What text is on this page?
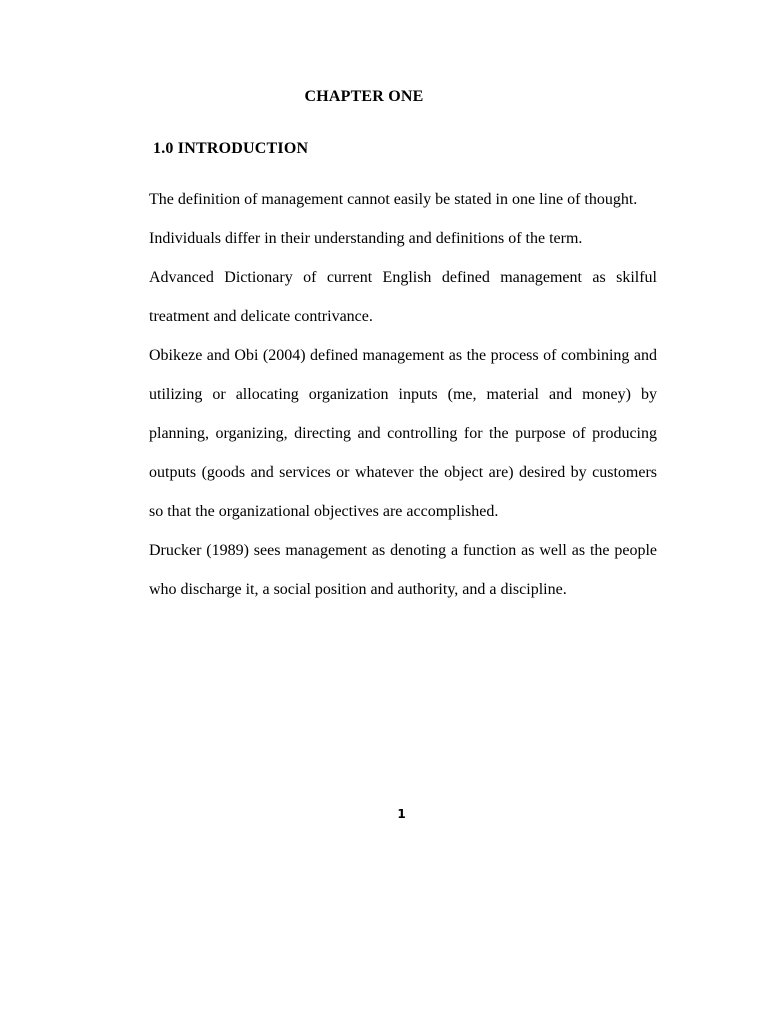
CHAPTER ONE
1.0 INTRODUCTION

The definition of management cannot easily be stated in one line of thought.

Individuals differ in their understanding and definitions of the term.

Advanced Dictionary of current English defined management as skilful treatment and delicate contrivance.

Obikeze and Obi (2004) defined management as the process of combining and utilizing or allocating organization inputs (me, material and money) by planning, organizing, directing and controlling for the purpose of producing outputs (goods and services or whatever the object are) desired by customers so that the organizational objectives are accomplished.

Drucker (1989) sees management as denoting a function as well as the people who discharge it, a social position and authority, and a discipline.

1
